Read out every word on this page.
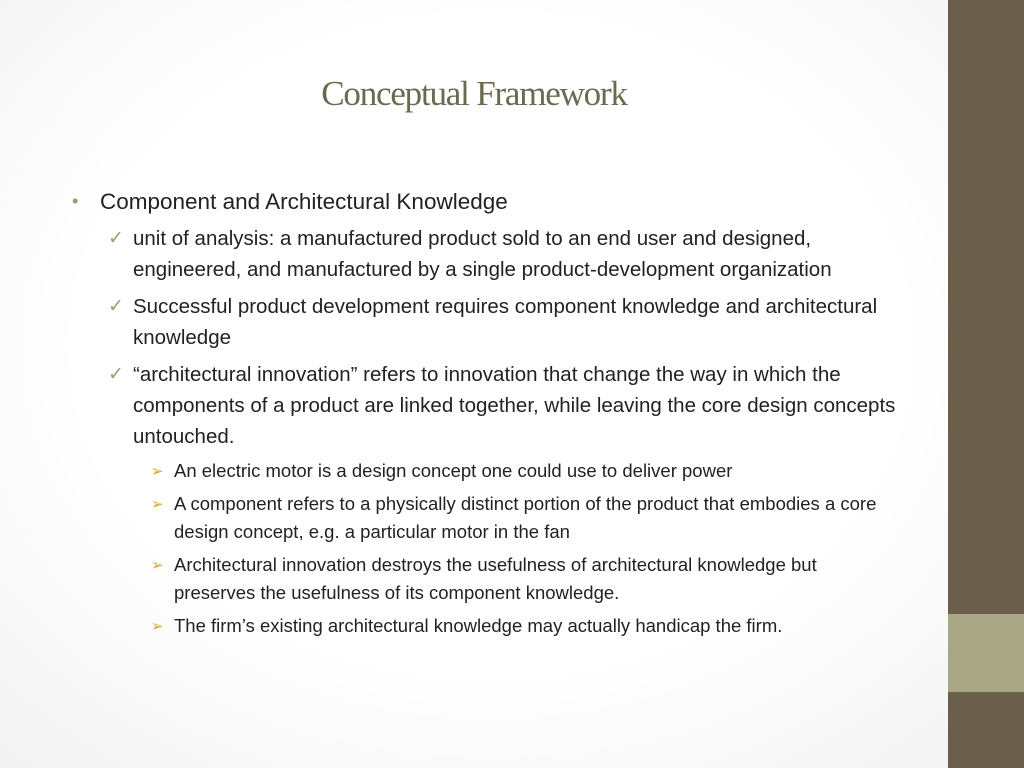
Conceptual Framework
• Component and Architectural Knowledge
✓ unit of analysis: a manufactured product sold to an end user and designed, engineered, and manufactured by a single product-development organization
✓ Successful product development requires component knowledge and architectural knowledge
✓ “architectural innovation” refers to innovation that change the way in which the components of a product are linked together, while leaving the core design concepts untouched.
➢ An electric motor is a design concept one could use to deliver power
➢ A component refers to a physically distinct portion of the product that embodies a core design concept, e.g. a particular motor in the fan
➢ Architectural innovation destroys the usefulness of architectural knowledge but preserves the usefulness of its component knowledge.
➢ The firm’s existing architectural knowledge may actually handicap the firm.
